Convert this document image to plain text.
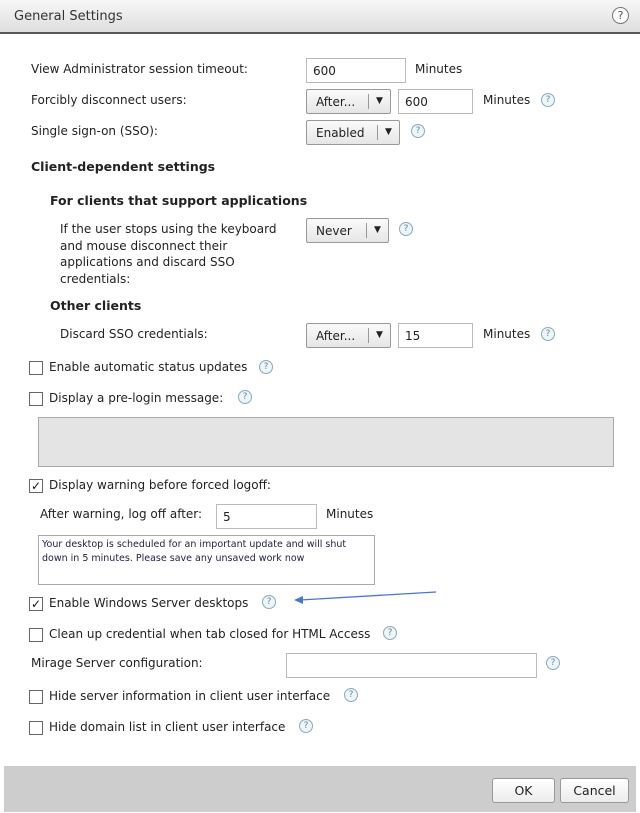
General Settings	?
View Administrator session timeout:	600	Minutes
Forcibly disconnect users:	After...	▼	600	Minutes	?
Single sign-on (SSO):	Enabled	▼	?
Client-dependent settings
For clients that support applications
If the user stops using the keyboard
and mouse disconnect their
applications and discard SSO
credentials:
Never	▼	?
Other clients
Discard SSO credentials:	After...	▼	15	Minutes	?
Enable automatic status updates	?
Display a pre-login message:	?
✓ Display warning before forced logoff:
After warning, log off after:	5	Minutes
Your desktop is scheduled for an important update and will shut down in 5 minutes. Please save any unsaved work now
✓ Enable Windows Server desktops	?
Clean up credential when tab closed for HTML Access	?
Mirage Server configuration:	?
Hide server information in client user interface	?
Hide domain list in client user interface	?
OK	Cancel
